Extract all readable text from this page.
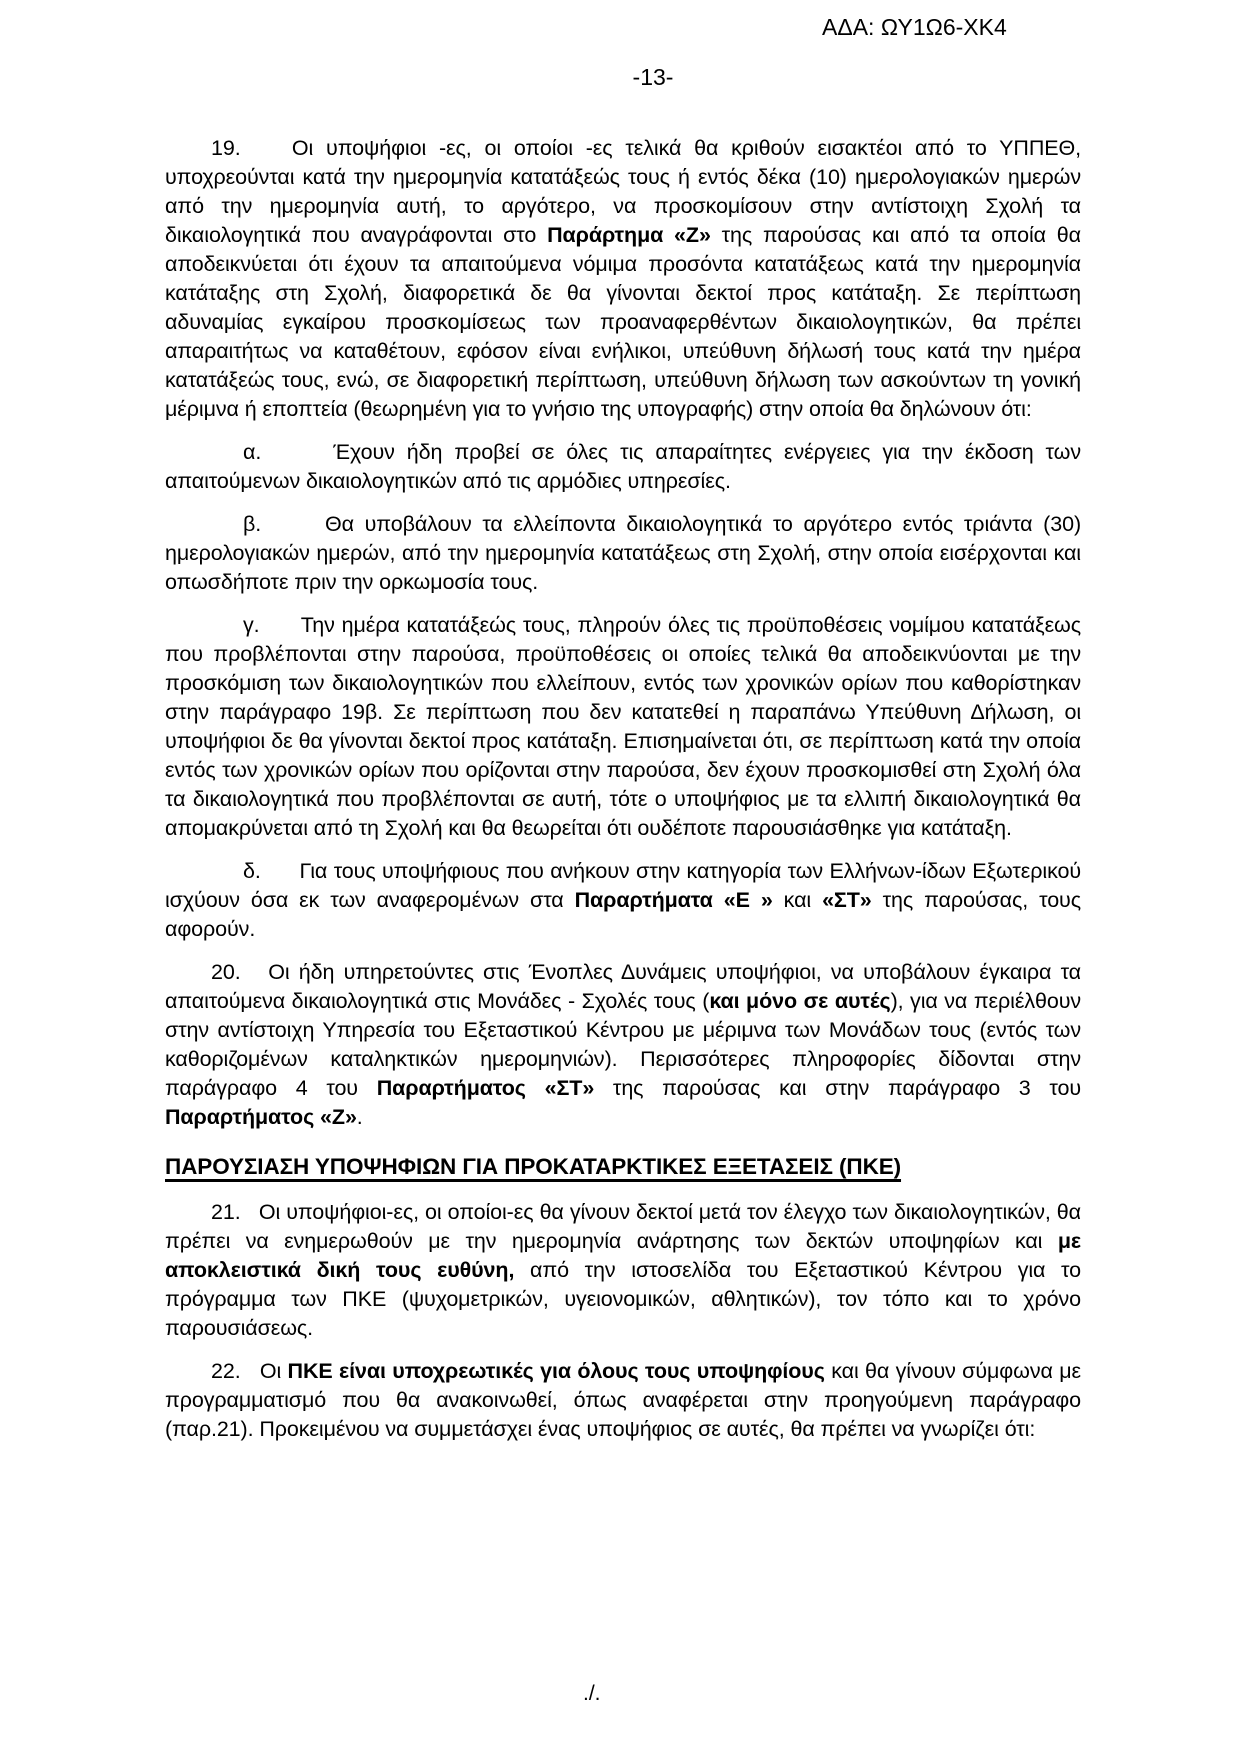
ΑΔΑ: ΩΥ1Ω6-ΧΚ4
-13-

19.    Οι υποψήφιοι -ες, οι οποίοι -ες τελικά θα κριθούν εισακτέοι από το ΥΠΠΕΘ, υποχρεούνται κατά την ημερομηνία κατατάξεώς τους ή εντός δέκα (10) ημερολογιακών ημερών από την ημερομηνία αυτή, το αργότερο, να προσκομίσουν στην αντίστοιχη Σχολή τα δικαιολογητικά που αναγράφονται στο Παράρτημα «Ζ» της παρούσας και από τα οποία θα αποδεικνύεται ότι έχουν τα απαιτούμενα νόμιμα προσόντα κατατάξεως κατά την ημερομηνία κατάταξης στη Σχολή, διαφορετικά δε θα γίνονται δεκτοί προς κατάταξη. Σε περίπτωση αδυναμίας εγκαίρου προσκομίσεως των προαναφερθέντων δικαιολογητικών, θα πρέπει απαραιτήτως να καταθέτουν, εφόσον είναι ενήλικοι, υπεύθυνη δήλωσή τους κατά την ημέρα κατατάξεώς τους, ενώ, σε διαφορετική περίπτωση, υπεύθυνη δήλωση των ασκούντων τη γονική μέριμνα ή εποπτεία (θεωρημένη για το γνήσιο της υπογραφής) στην οποία θα δηλώνουν ότι:

α.      Έχουν ήδη προβεί σε όλες τις απαραίτητες ενέργειες για την έκδοση των απαιτούμενων δικαιολογητικών από τις αρμόδιες υπηρεσίες.

β.      Θα υποβάλουν τα ελλείποντα δικαιολογητικά το αργότερο εντός τριάντα (30) ημερολογιακών ημερών, από την ημερομηνία κατατάξεως στη Σχολή, στην οποία εισέρχονται και οπωσδήποτε πριν την ορκωμοσία τους.

γ.      Την ημέρα κατατάξεώς τους, πληρούν όλες τις προϋποθέσεις νομίμου κατατάξεως που προβλέπονται στην παρούσα, προϋποθέσεις οι οποίες τελικά θα αποδεικνύονται με την προσκόμιση των δικαιολογητικών που ελλείπουν, εντός των χρονικών ορίων που καθορίστηκαν στην παράγραφο 19β. Σε περίπτωση που δεν κατατεθεί η παραπάνω Υπεύθυνη Δήλωση, οι υποψήφιοι δε θα γίνονται δεκτοί προς κατάταξη. Επισημαίνεται ότι, σε περίπτωση κατά την οποία εντός των χρονικών ορίων που ορίζονται στην παρούσα, δεν έχουν προσκομισθεί στη Σχολή όλα τα δικαιολογητικά που προβλέπονται σε αυτή, τότε ο υποψήφιος με τα ελλιπή δικαιολογητικά θα απομακρύνεται από τη Σχολή και θα θεωρείται ότι ουδέποτε παρουσιάσθηκε για κατάταξη.

δ.      Για τους υποψήφιους που ανήκουν στην κατηγορία των Ελλήνων-ίδων Εξωτερικού ισχύουν όσα εκ των αναφερομένων στα Παραρτήματα «Ε » και «ΣΤ» της παρούσας, τους αφορούν.

20.   Οι ήδη υπηρετούντες στις Ένοπλες Δυνάμεις υποψήφιοι, να υποβάλουν έγκαιρα τα απαιτούμενα δικαιολογητικά στις Μονάδες - Σχολές τους (και μόνο σε αυτές), για να περιέλθουν στην αντίστοιχη Υπηρεσία του Εξεταστικού Κέντρου με μέριμνα των Μονάδων τους (εντός των καθοριζομένων καταληκτικών ημερομηνιών). Περισσότερες πληροφορίες δίδονται στην παράγραφο 4 του Παραρτήματος «ΣΤ» της παρούσας και στην παράγραφο 3 του Παραρτήματος «Ζ».

ΠΑΡΟΥΣΙΑΣΗ ΥΠΟΨΗΦΙΩΝ ΓΙΑ ΠΡΟΚΑΤΑΡΚΤΙΚΕΣ ΕΞΕΤΑΣΕΙΣ (ΠΚΕ)

21.   Οι υποψήφιοι-ες, οι οποίοι-ες θα γίνουν δεκτοί μετά τον έλεγχο των δικαιολογητικών, θα πρέπει να ενημερωθούν με την ημερομηνία ανάρτησης των δεκτών υποψηφίων και με αποκλειστικά δική τους ευθύνη, από την ιστοσελίδα του Εξεταστικού Κέντρου για το πρόγραμμα των ΠΚΕ (ψυχομετρικών, υγειονομικών, αθλητικών), τον τόπο και το χρόνο παρουσιάσεως.

22.   Οι ΠΚΕ είναι υποχρεωτικές για όλους τους υποψηφίους και θα γίνουν σύμφωνα με προγραμματισμό που θα ανακοινωθεί, όπως αναφέρεται στην προηγούμενη παράγραφο (παρ.21). Προκειμένου να συμμετάσχει ένας υποψήφιος σε αυτές, θα πρέπει να γνωρίζει ότι:

./.
